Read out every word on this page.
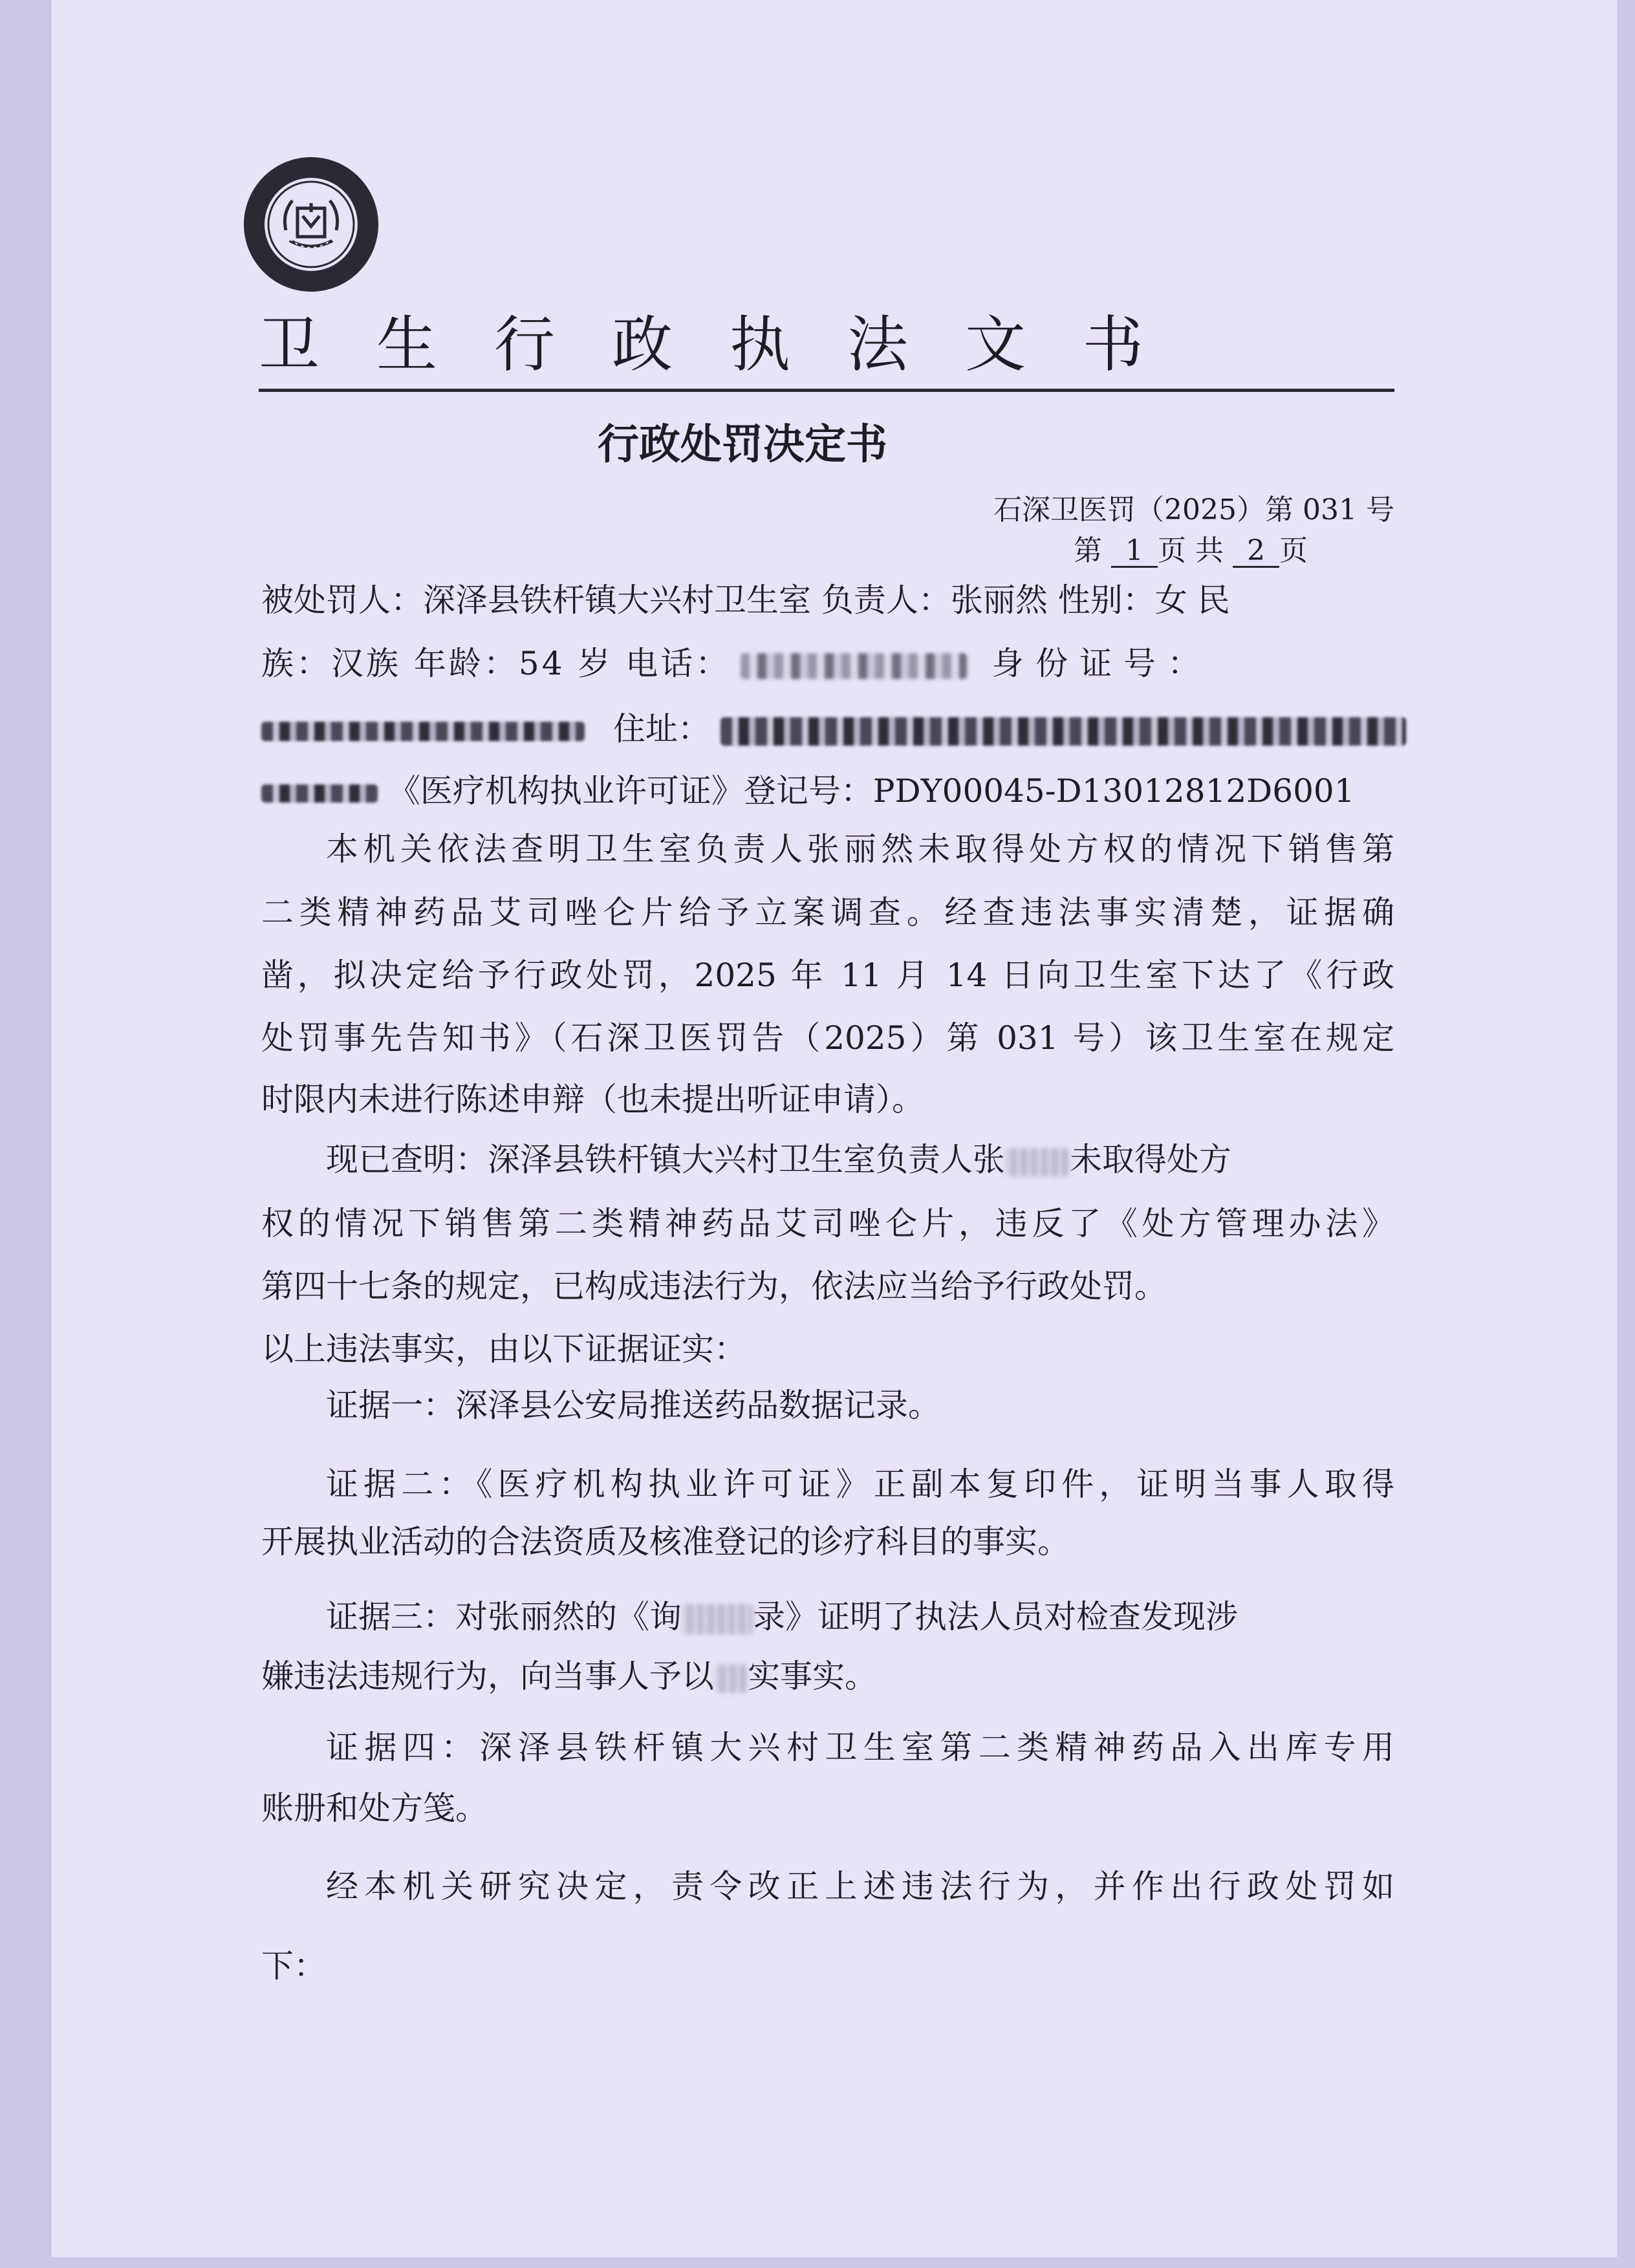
卫生行政执法文书
行政处罚决定书
石深卫医罚（2025）第 031 号
第 1 页 共 2 页
被处罚人：深泽县铁杆镇大兴村卫生室 负责人：张丽然 性别：女 民
族：汉族 年龄：54 岁 电话：	身份证号：
住址：
《医疗机构执业许可证》登记号：PDY00045-D13012812D6001
本机关依法查明卫生室负责人张丽然未取得处方权的情况下销售第
二类精神药品艾司唑仑片给予立案调查。经查违法事实清楚，证据确
凿，拟决定给予行政处罚，2025 年 11 月 14 日向卫生室下达了《行政
处罚事先告知书》（石深卫医罚告（2025）第 031 号）该卫生室在规定
时限内未进行陈述申辩（也未提出听证申请）。
现已查明：深泽县铁杆镇大兴村卫生室负责人张 未取得处方
权的情况下销售第二类精神药品艾司唑仑片，违反了《处方管理办法》
第四十七条的规定，已构成违法行为，依法应当给予行政处罚。
以上违法事实，由以下证据证实：
证据一：深泽县公安局推送药品数据记录。
证据二：《医疗机构执业许可证》正副本复印件，证明当事人取得
开展执业活动的合法资质及核准登记的诊疗科目的事实。
证据三：对张丽然的《询 录》证明了执法人员对检查发现涉
嫌违法违规行为，向当事人予以 实事实。
证据四：深泽县铁杆镇大兴村卫生室第二类精神药品入出库专用
账册和处方笺。
经本机关研究决定，责令改正上述违法行为，并作出行政处罚如
下：
